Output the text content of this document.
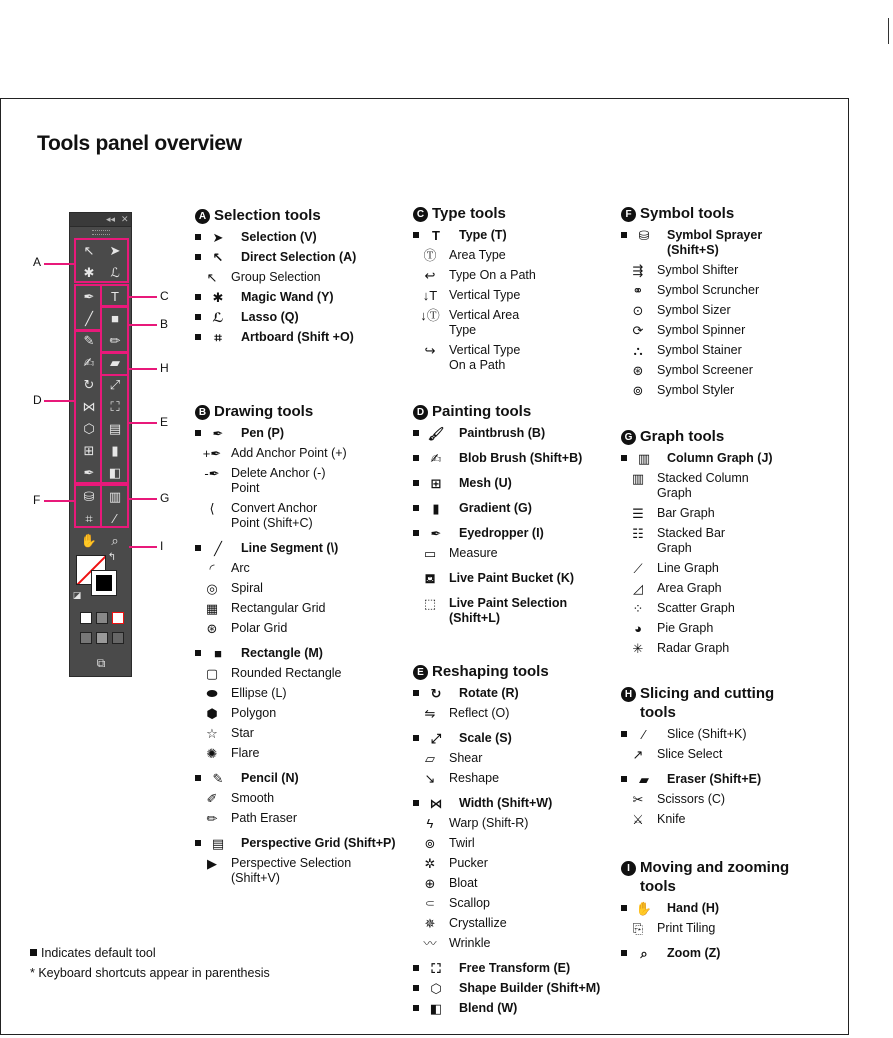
Tools panel overview
◂◂ ✕
↖	➤
✱	ℒ
✒	T
╱	■
✎	✏
✍	▰
↻	⤢
⋈	⛶
⬡	▤
⊞	▮
✒	◧
⛁	▥
⌗	⁄
✋	⌕
↰
◪
⧉
A
B
C
D
E
F	G
H
I
A Selection tools
➤	Selection (V)
↖	Direct Selection (A)
↖	Group Selection
✱	Magic Wand (Y)
ℒ	Lasso (Q)
⌗	Artboard (Shift +O)
B Drawing tools
✒	Pen (P)
+✒ Add Anchor Point (+)
-✒ Delete Anchor (-)
Point
⟨	Convert Anchor
Point (Shift+C)
╱	Line Segment (\)
◜	Arc
◎	Spiral
▦	Rectangular Grid
⊛	Polar Grid
■	Rectangle (M)
▢	Rounded Rectangle
⬬	Ellipse (L)
⬢	Polygon
☆	Star
✺	Flare
✎	Pencil (N)
✐	Smooth
✏	Path Eraser
▤	Perspective Grid (Shift+P)
▶	Perspective Selection
(Shift+V)
C Type tools
T	Type (T)
Ⓣ	Area Type
↩	Type On a Path
↓T Vertical Type
↓Ⓣ Vertical Area
Type
↪	Vertical Type
On a Path
D Painting tools
🖌 Paintbrush (B)
✍	Blob Brush (Shift+B)
⊞	Mesh (U)
▮	Gradient (G)
✒	Eyedropper (I)
▭	Measure
⛾	Live Paint Bucket (K)
⬚	Live Paint Selection
(Shift+L)
E Reshaping tools
↻	Rotate (R)
⇋	Reflect (O)
⤢	Scale (S)
▱	Shear
↘	Reshape
⋈	Width (Shift+W)
ϟ	Warp (Shift-R)
⊚	Twirl
✲	Pucker
⊕	Bloat
⸦	Scallop
✵	Crystallize
〰	Wrinkle
⛶	Free Transform (E)
⬡	Shape Builder (Shift+M)
◧	Blend (W)
F Symbol tools
⛁	Symbol Sprayer
(Shift+S)
⇶	Symbol Shifter
⚭	Symbol Scruncher
⊙	Symbol Sizer
⟳	Symbol Spinner
⛬	Symbol Stainer
⊛	Symbol Screener
⊚	Symbol Styler
G Graph tools
▥	Column Graph (J)
▥	Stacked Column
Graph
☰	Bar Graph
☷	Stacked Bar
Graph
⟋	Line Graph
◿	Area Graph
⁘	Scatter Graph
◕	Pie Graph
✳	Radar Graph
H Slicing and cutting
tools
⁄	Slice (Shift+K)
↗	Slice Select
▰	Eraser (Shift+E)
✂	Scissors (C)
⚔	Knife
I Moving and zooming
tools
✋ Hand (H)
⎘	Print Tiling
⌕	Zoom (Z)
Indicates default tool
* Keyboard shortcuts appear in parenthesis
